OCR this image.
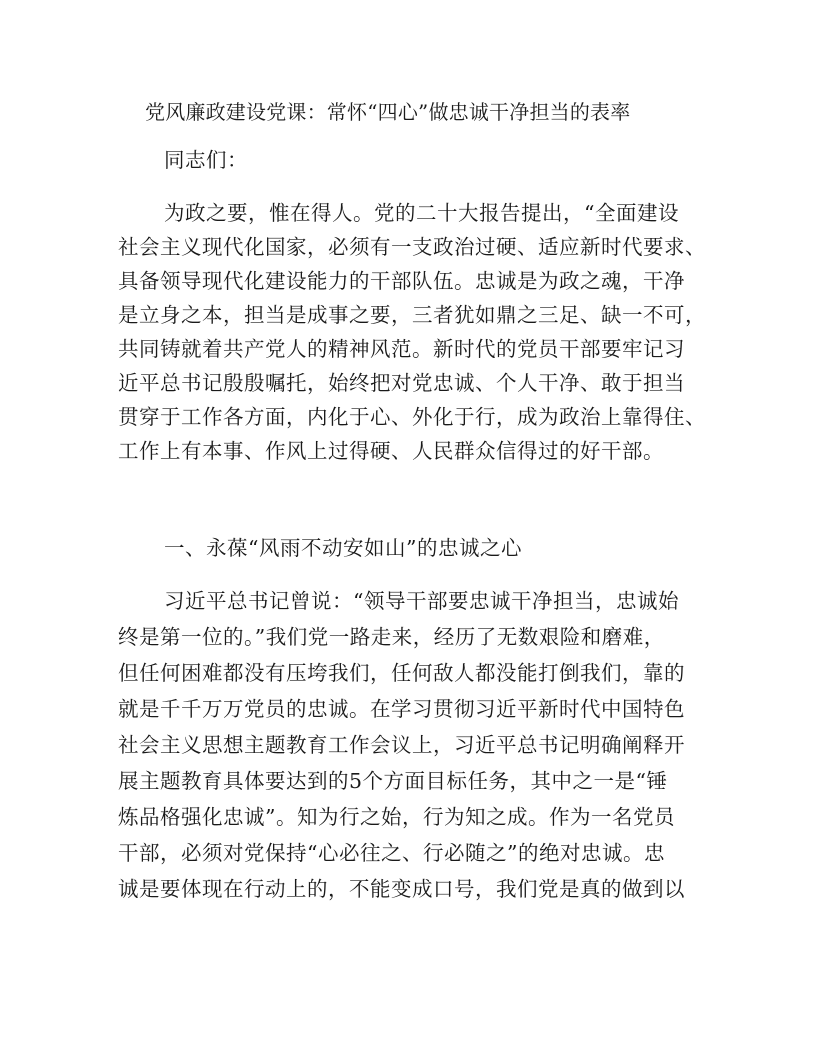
党风廉政建设党课：常怀“四心”做忠诚干净担当的表率
同志们：
为政之要，惟在得人。党的二十大报告提出，“全面建设
社会主义现代化国家，必须有一支政治过硬、适应新时代要求、
具备领导现代化建设能力的干部队伍。忠诚是为政之魂，干净
是立身之本，担当是成事之要，三者犹如鼎之三足、缺一不可，
共同铸就着共产党人的精神风范。新时代的党员干部要牢记习
近平总书记殷殷嘱托，始终把对党忠诚、个人干净、敢于担当
贯穿于工作各方面，内化于心、外化于行，成为政治上靠得住、
工作上有本事、作风上过得硬、人民群众信得过的好干部。
一、永葆“风雨不动安如山”的忠诚之心
习近平总书记曾说：“领导干部要忠诚干净担当，忠诚始
终是第一位的。”我们党一路走来，经历了无数艰险和磨难，
但任何困难都没有压垮我们，任何敌人都没能打倒我们，靠的
就是千千万万党员的忠诚。在学习贯彻习近平新时代中国特色
社会主义思想主题教育工作会议上，习近平总书记明确阐释开
展主题教育具体要达到的5个方面目标任务，其中之一是“锤
炼品格强化忠诚”。知为行之始，行为知之成。作为一名党员
干部，必须对党保持“心必往之、行必随之”的绝对忠诚。忠
诚是要体现在行动上的，不能变成口号，我们党是真的做到以
